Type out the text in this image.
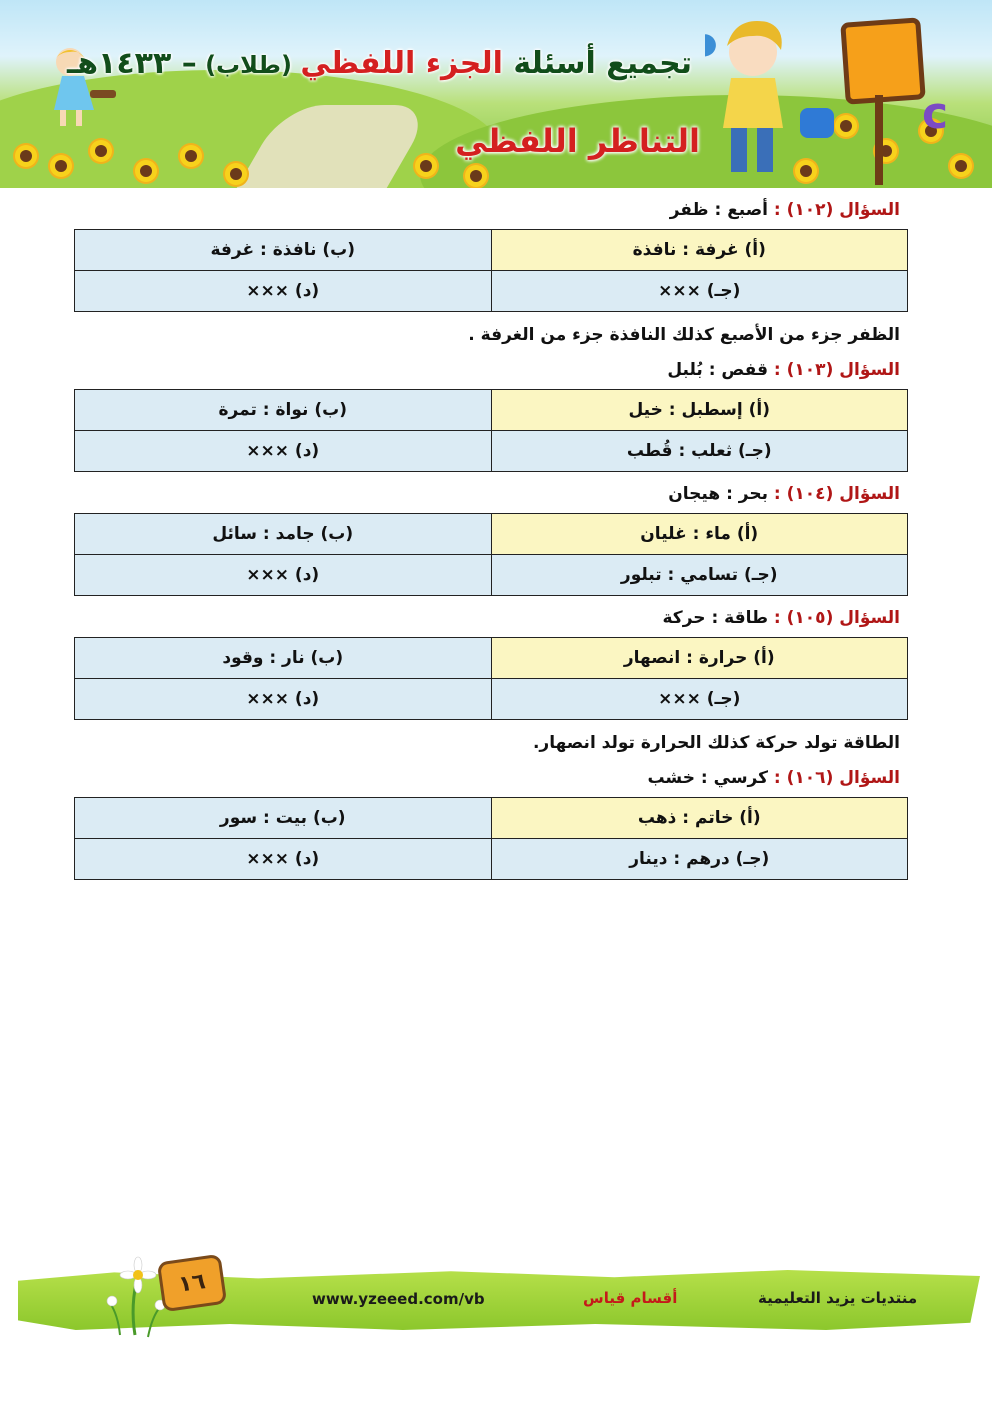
c
تجميع أسئلة الجزء اللفظي (طلاب) – ١٤٣٣هـ
التناظر اللفظي

السؤال (١٠٢) : أصبع : ظفر

(أ) غرفة : نافذة	(ب) نافذة : غرفة
(جـ) ×××	(د) ×××

الظفر جزء من الأصبع كذلك النافذة جزء من الغرفة .

السؤال (١٠٣) : قفص : بُلبل

(أ) إسطبل : خيل	(ب) نواة : تمرة
(جـ) ثعلب : قُطب	(د) ×××

السؤال (١٠٤) : بحر : هيجان

(أ) ماء : غليان	(ب) جامد : سائل
(جـ) تسامي : تبلور	(د) ×××

السؤال (١٠٥) : طاقة : حركة

(أ) حرارة : انصهار	(ب) نار : وقود
(جـ) ×××	(د) ×××

الطاقة تولد حركة كذلك الحرارة تولد انصهار.

السؤال (١٠٦) : كرسي : خشب

(أ) خاتم : ذهب	(ب) بيت : سور
(جـ) درهم : دينار	(د) ×××
١٦
www.yzeeed.com/vb	أقسام قياس	منتديات يزيد التعليمية
